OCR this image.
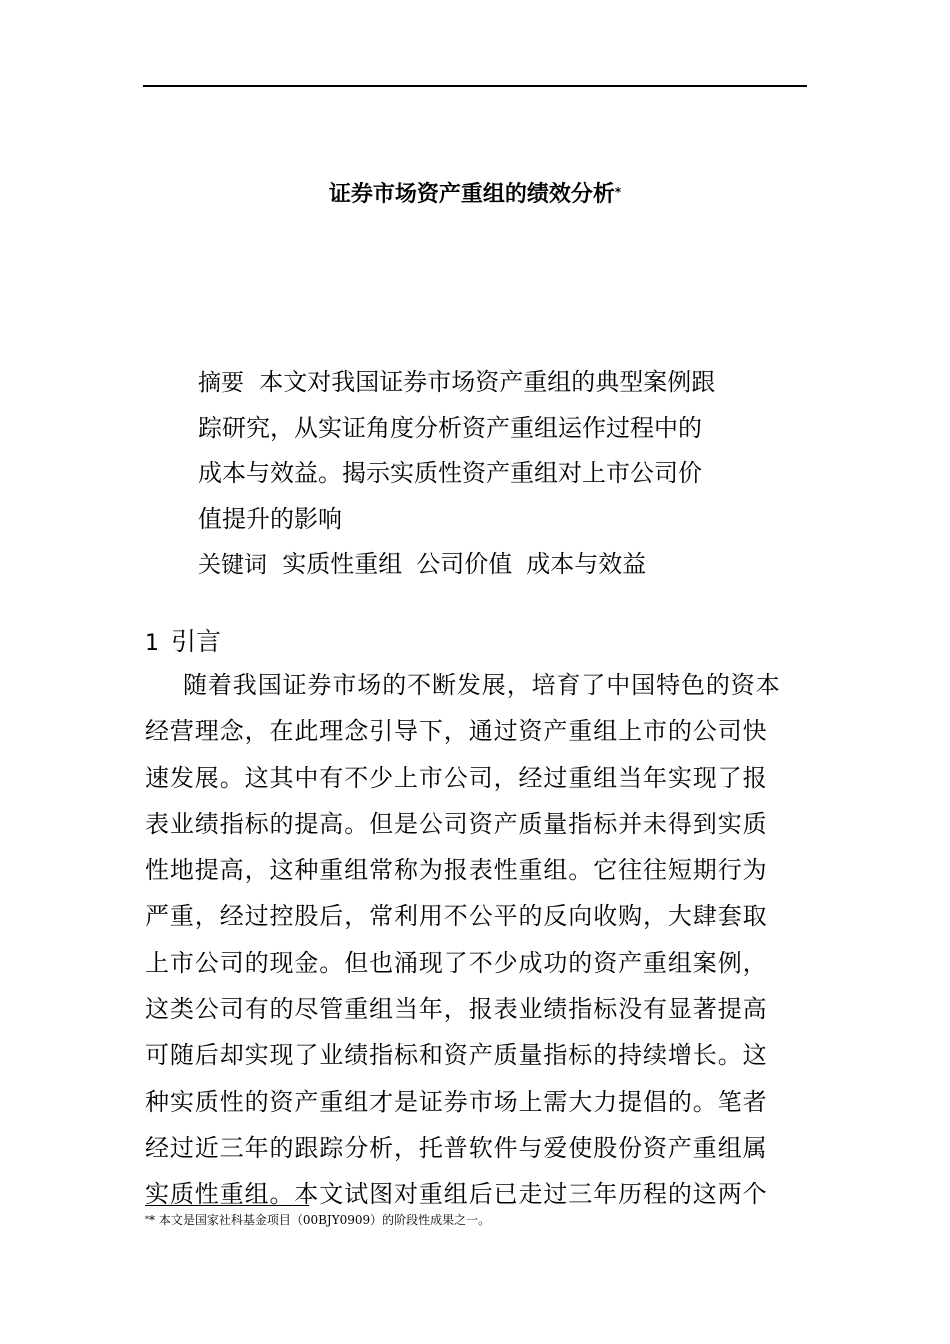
证券市场资产重组的绩效分析*
摘要 本文对我国证券市场资产重组的典型案例跟
踪研究，从实证角度分析资产重组运作过程中的
成本与效益。揭示实质性资产重组对上市公司价
值提升的影响
关键词 实质性重组 公司价值 成本与效益
1 引言
随着我国证券市场的不断发展，培育了中国特色的资本
经营理念，在此理念引导下，通过资产重组上市的公司快
速发展。这其中有不少上市公司，经过重组当年实现了报
表业绩指标的提高。但是公司资产质量指标并未得到实质
性地提高，这种重组常称为报表性重组。它往往短期行为
严重，经过控股后，常利用不公平的反向收购，大肆套取
上市公司的现金。但也涌现了不少成功的资产重组案例，
这类公司有的尽管重组当年，报表业绩指标没有显著提高
可随后却实现了业绩指标和资产质量指标的持续增长。这
种实质性的资产重组才是证券市场上需大力提倡的。笔者
经过近三年的跟踪分析，托普软件与爱使股份资产重组属
实质性重组。本文试图对重组后已走过三年历程的这两个
** 本文是国家社科基金项目（00BJY0909）的阶段性成果之一。
